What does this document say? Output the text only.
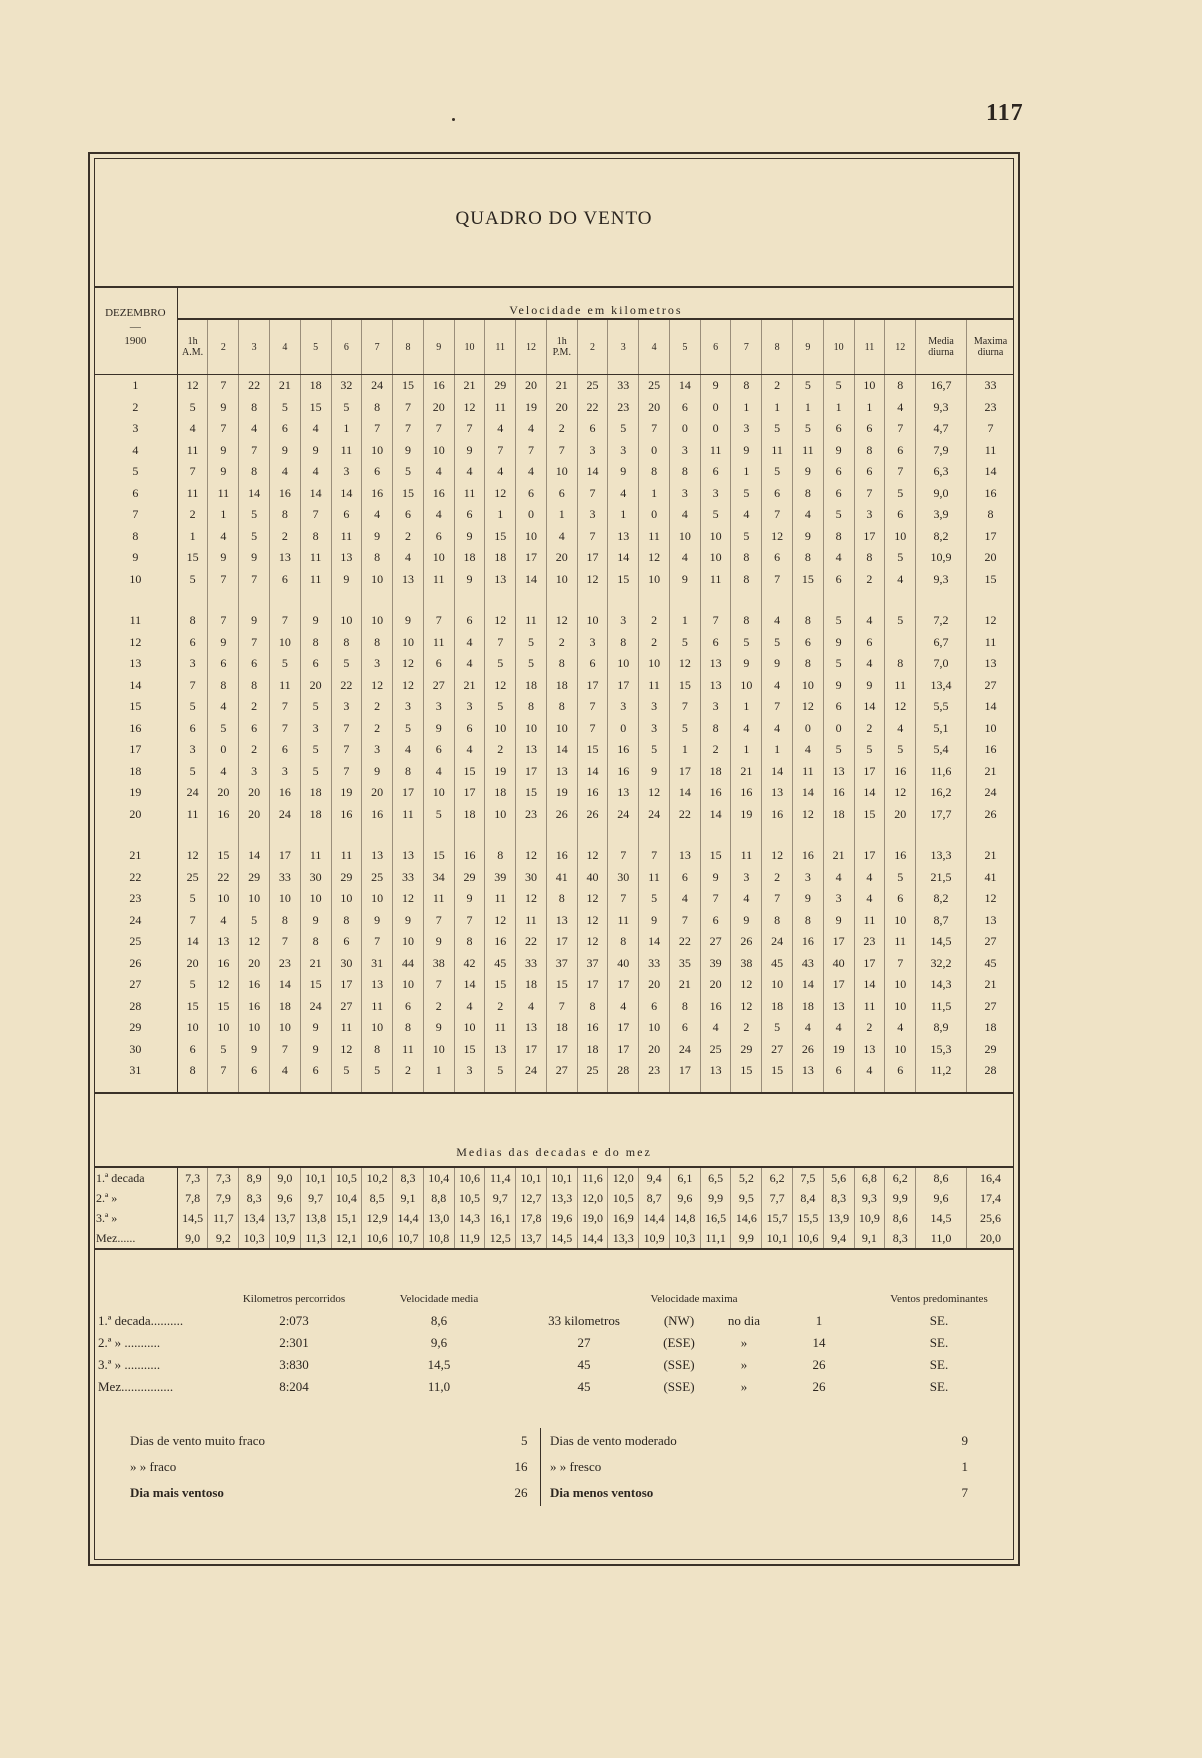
117
QUADRO DO VENTO
DEZEMBRO
—
1900	Velocidade em kilometros																									
	1h
A.M.	2	3	4	5	6	7	8	9	10	11	12	1h
P.M.	2	3	4	5	6	7	8	9	10	11	12	Media diurna	Maxima diurna
1	12	7	22	21	18	32	24	15	16	21	29	20	21	25	33	25	14	9	8	2	5	5	10	8	16,7	33
2	5	9	8	5	15	5	8	7	20	12	11	19	20	22	23	20	6	0	1	1	1	1	1	4	9,3	23
3	4	7	4	6	4	1	7	7	7	7	4	4	2	6	5	7	0	0	3	5	5	6	6	7	4,7	7
4	11	9	7	9	9	11	10	9	10	9	7	7	7	3	3	0	3	11	9	11	11	9	8	6	7,9	11
5	7	9	8	4	4	3	6	5	4	4	4	4	10	14	9	8	8	6	1	5	9	6	6	7	6,3	14
6	11	11	14	16	14	14	16	15	16	11	12	6	6	7	4	1	3	3	5	6	8	6	7	5	9,0	16
7	2	1	5	8	7	6	4	6	4	6	1	0	1	3	1	0	4	5	4	7	4	5	3	6	3,9	8
8	1	4	5	2	8	11	9	2	6	9	15	10	4	7	13	11	10	10	5	12	9	8	17	10	8,2	17
9	15	9	9	13	11	13	8	4	10	18	18	17	20	17	14	12	4	10	8	6	8	4	8	5	10,9	20
10	5	7	7	6	11	9	10	13	11	9	13	14	10	12	15	10	9	11	8	7	15	6	2	4	9,3	15

11	8	7	9	7	9	10	10	9	7	6	12	11	12	10	3	2	1	7	8	4	8	5	4	5	7,2	12
12	6	9	7	10	8	8	8	10	11	4	7	5	2	3	8	2	5	6	5	5	6	9	6		6,7	11
13	3	6	6	5	6	5	3	12	6	4	5	5	8	6	10	10	12	13	9	9	8	5	4	8	7,0	13
14	7	8	8	11	20	22	12	12	27	21	12	18	18	17	17	11	15	13	10	4	10	9	9	11	13,4	27
15	5	4	2	7	5	3	2	3	3	3	5	8	8	7	3	3	7	3	1	7	12	6	14	12	5,5	14
16	6	5	6	7	3	7	2	5	9	6	10	10	10	7	0	3	5	8	4	4	0	0	2	4	5,1	10
17	3	0	2	6	5	7	3	4	6	4	2	13	14	15	16	5	1	2	1	1	4	5	5	5	5,4	16
18	5	4	3	3	5	7	9	8	4	15	19	17	13	14	16	9	17	18	21	14	11	13	17	16	11,6	21
19	24	20	20	16	18	19	20	17	10	17	18	15	19	16	13	12	14	16	16	13	14	16	14	12	16,2	24
20	11	16	20	24	18	16	16	11	5	18	10	23	26	26	24	24	22	14	19	16	12	18	15	20	17,7	26

21	12	15	14	17	11	11	13	13	15	16	8	12	16	12	7	7	13	15	11	12	16	21	17	16	13,3	21
22	25	22	29	33	30	29	25	33	34	29	39	30	41	40	30	11	6	9	3	2	3	4	4	5	21,5	41
23	5	10	10	10	10	10	10	12	11	9	11	12	8	12	7	5	4	7	4	7	9	3	4	6	8,2	12
24	7	4	5	8	9	8	9	9	7	7	12	11	13	12	11	9	7	6	9	8	8	9	11	10	8,7	13
25	14	13	12	7	8	6	7	10	9	8	16	22	17	12	8	14	22	27	26	24	16	17	23	11	14,5	27
26	20	16	20	23	21	30	31	44	38	42	45	33	37	37	40	33	35	39	38	45	43	40	17	7	32,2	45
27	5	12	16	14	15	17	13	10	7	14	15	18	15	17	17	20	21	20	12	10	14	17	14	10	14,3	21
28	15	15	16	18	24	27	11	6	2	4	2	4	7	8	4	6	8	16	12	18	18	13	11	10	11,5	27
29	10	10	10	10	9	11	10	8	9	10	11	13	18	16	17	10	6	4	2	5	4	4	2	4	8,9	18
30	6	5	9	7	9	12	8	11	10	15	13	17	17	18	17	20	24	25	29	27	26	19	13	10	15,3	29
31	8	7	6	4	6	5	5	2	1	3	5	24	27	25	28	23	17	13	15	15	13	6	4	6	11,2	28

Medias das decadas e do mez																										
1.ª decada	7,3	7,3	8,9	9,0	10,1	10,5	10,2	8,3	10,4	10,6	11,4	10,1	10,1	11,6	12,0	9,4	6,1	6,5	5,2	6,2	7,5	5,6	6,8	6,2	8,6	16,4
2.ª »	7,8	7,9	8,3	9,6	9,7	10,4	8,5	9,1	8,8	10,5	9,7	12,7	13,3	12,0	10,5	8,7	9,6	9,9	9,5	7,7	8,4	8,3	9,3	9,9	9,6	17,4
3.ª »	14,5	11,7	13,4	13,7	13,8	15,1	12,9	14,4	13,0	14,3	16,1	17,8	19,6	19,0	16,9	14,4	14,8	16,5	14,6	15,7	15,5	13,9	10,9	8,6	14,5	25,6
Mez......	9,0	9,2	10,3	10,9	11,3	12,1	10,6	10,7	10,8	11,9	12,5	13,7	14,5	14,4	13,3	10,9	10,3	11,1	9,9	10,1	10,6	9,4	9,1	8,3	11,0	20,0
	Kilometros percorridos	Velocidade media	Velocidade maxima				Ventos predominantes
1.ª decada..........	2:073	8,6	33 kilometros	(NW)	no dia	1	SE.
2.ª » ...........	2:301	9,6	27	(ESE)	»	14	SE.
3.ª » ...........	3:830	14,5	45	(SSE)	»	26	SE.
Mez................	8:204	11,0	45	(SSE)	»	26	SE.
Dias de vento muito fraco	5		Dias de vento moderado	9
» » fraco	16		» » fresco	1
Dia mais ventoso	26		Dia menos ventoso	7
